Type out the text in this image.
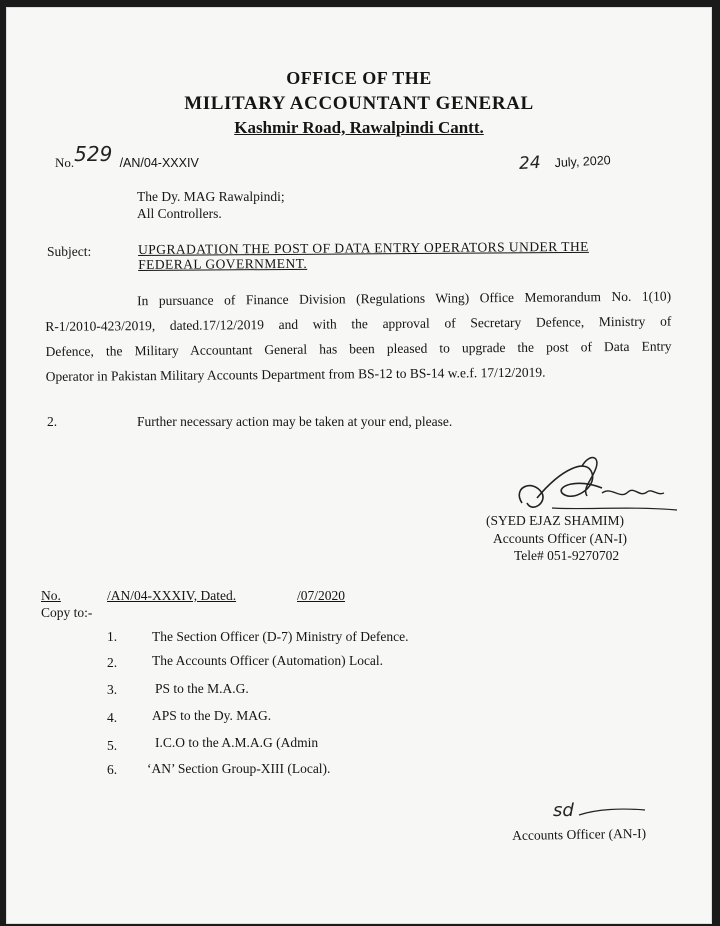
OFFICE OF THE
MILITARY ACCOUNTANT GENERAL
Kashmir Road, Rawalpindi Cantt.
No.529 /AN/04-XXXIV	24 July, 2020
The Dy. MAG Rawalpindi;
All Controllers.
Subject:	UPGRADATION THE POST OF DATA ENTRY OPERATORS UNDER THE
FEDERAL GOVERNMENT.
In pursuance of Finance Division (Regulations Wing) Office Memorandum No. 1(10)
R-1/2010-423/2019, dated.17/12/2019 and with the approval of Secretary Defence, Ministry of
Defence, the Military Accountant General has been pleased to upgrade the post of Data Entry
Operator in Pakistan Military Accounts Department from BS-12 to BS-14 w.e.f. 17/12/2019.
2.	Further necessary action may be taken at your end, please.
(SYED EJAZ SHAMIM)
Accounts Officer (AN-I)
Tele# 051-9270702
No.	/AN/04-XXXIV, Dated.	/07/2020
Copy to:-
1.	The Section Officer (D-7) Ministry of Defence.
2.	The Accounts Officer (Automation) Local.
3.	PS to the M.A.G.
4.	APS to the Dy. MAG.
5.	I.C.O to the A.M.A.G (Admin
6. ‘AN’ Section Group-XIII (Local).
sd
Accounts Officer (AN-I)
